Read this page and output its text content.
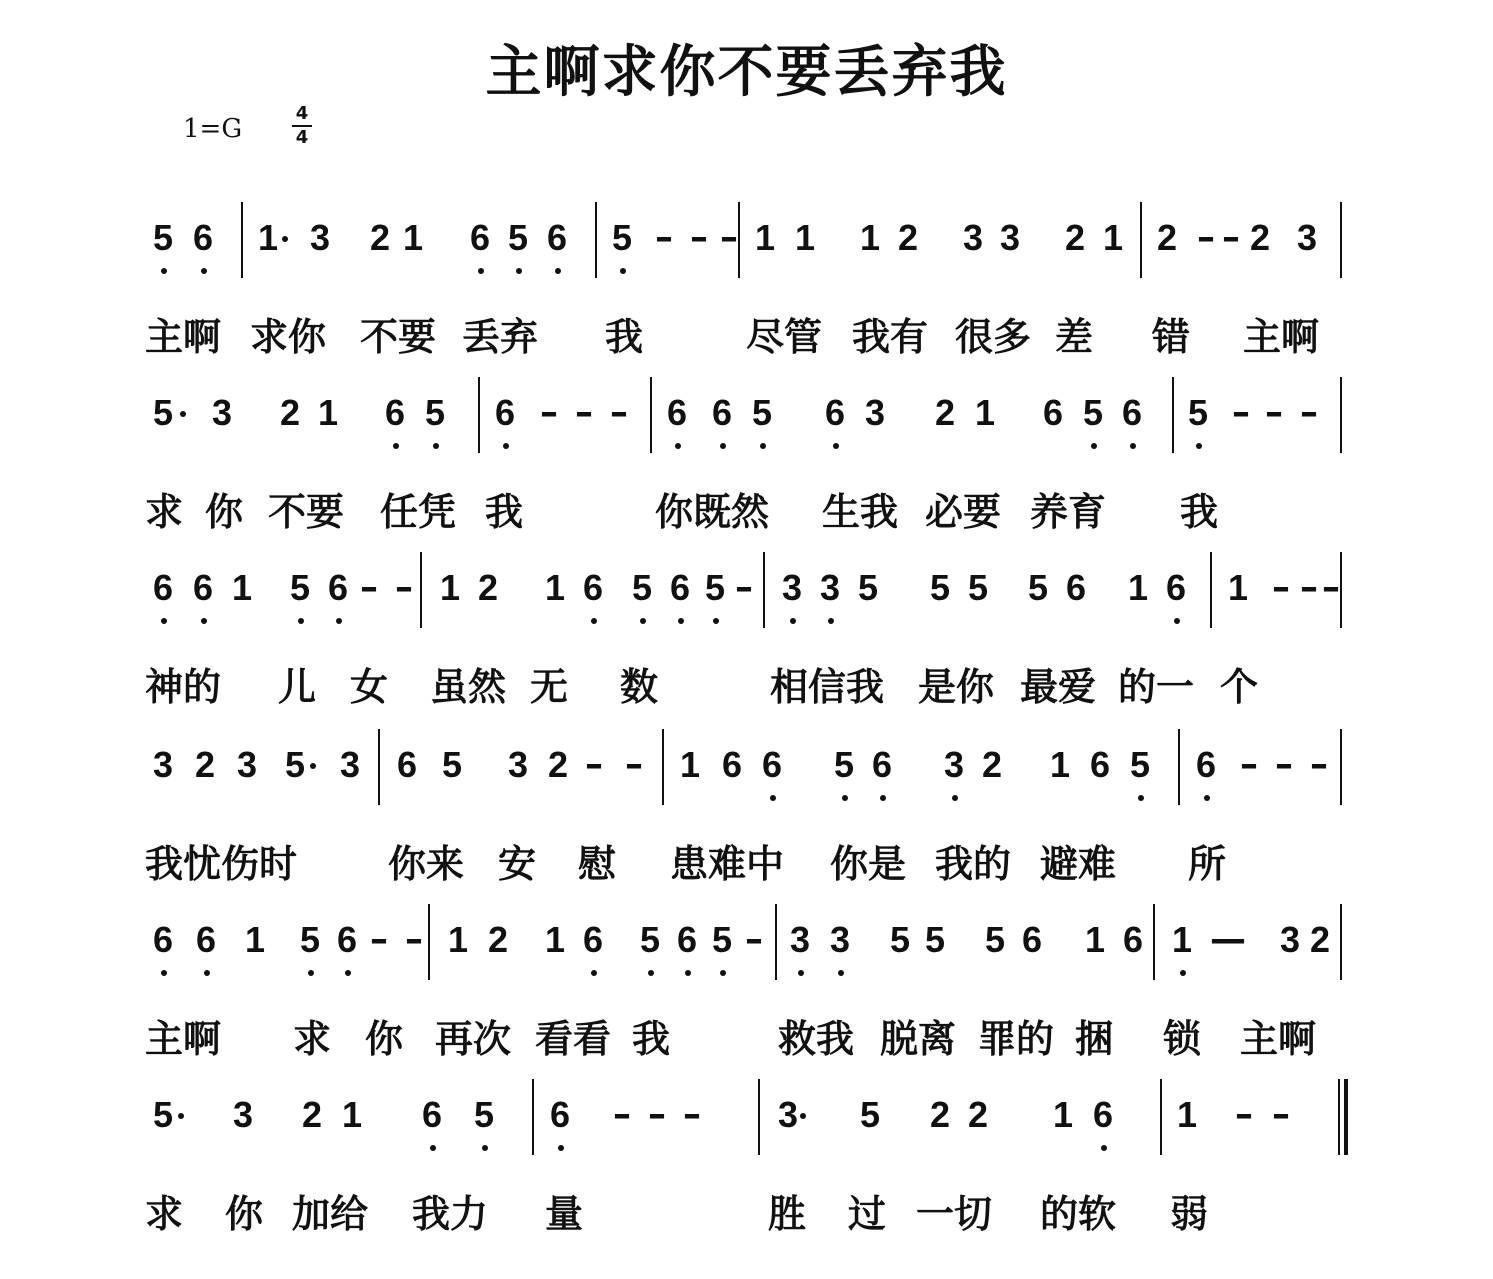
主啊求你不要丢弃我
1=G
4
4
5 6 1 3 2 1 6 5 6 5 – – – 1 1 1 2 3 3 2 1 2 – – 2 3
主啊 求你 不要 丢弃 我	尽管 我有 很多 差 错 主啊
5 3 2 1 6 5 6 – – – 6 6 5 6 3 2 1 6 5 6 5 – – –
求 你 不要 任凭 我	你既然 生我 必要 养育 我
6 6 1 5 6 – – 1 2 1 6 5 6 5 – 3 3 5 5 5 5 6 1 6 1 – – –
神的 儿 女 虽然 无 数	相信我 是你 最爱 的一 个
3 2 3 5 3 6 5 3 2 – – 1 6 6 5 6 3 2 1 6 5 6 – – –
我忧伤时 你来 安 慰 患难中 你是 我的 避难 所
6 6 1 5 6 – – 1 2 1 6 5 6 5 – 3 3 5 5 5 6 1 6 1 — 3 2
主啊 求 你 再次 看看 我	救我 脱离 罪的 捆 锁 主啊
5 3 2 1 6 5 6 – – – 3 5 2 2 1 6 1 – –
求 你 加给 我力 量	胜 过 一切 的软 弱
